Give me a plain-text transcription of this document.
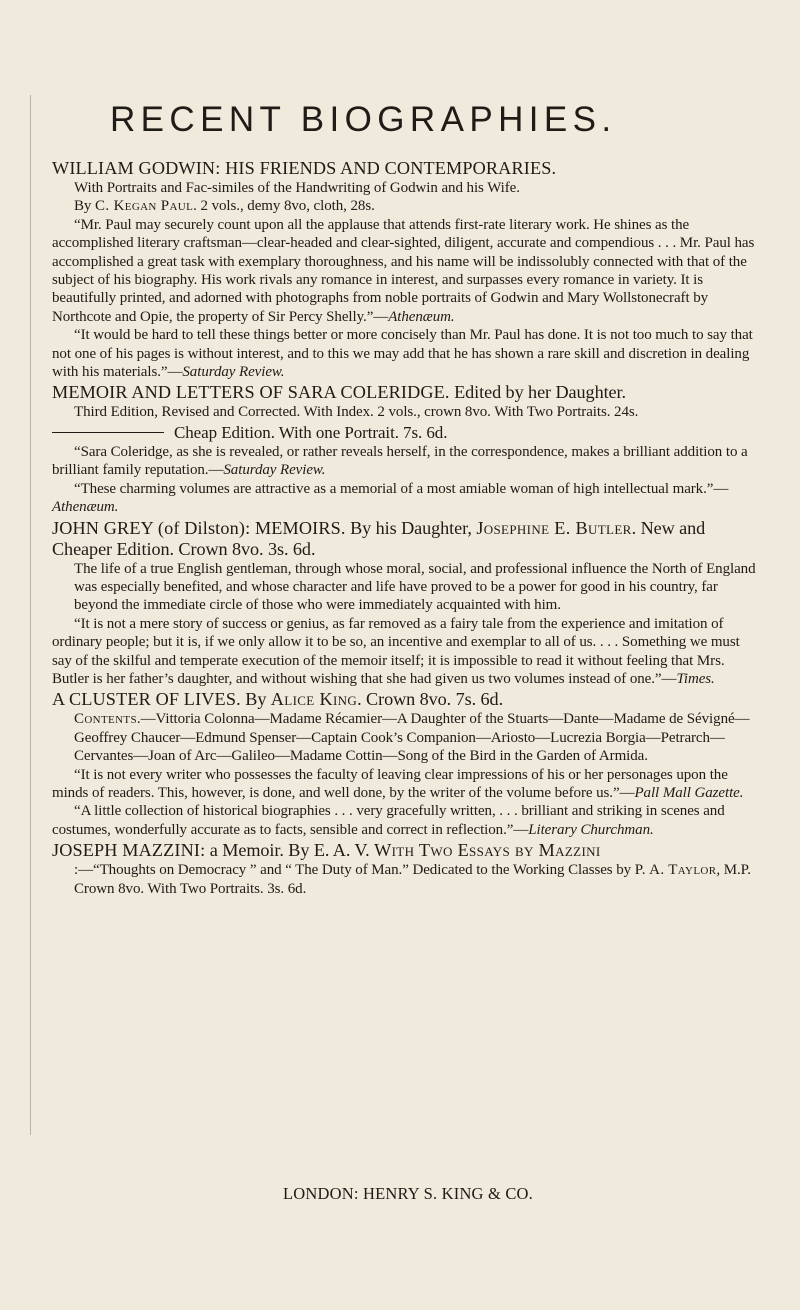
RECENT BIOGRAPHIES.
WILLIAM GODWIN: HIS FRIENDS AND CONTEMPORARIES.

With Portraits and Fac-similes of the Handwriting of Godwin and his Wife.

By C. Kegan Paul. 2 vols., demy 8vo, cloth, 28s.

“Mr. Paul may securely count upon all the applause that attends first-rate literary work. He shines as the accomplished literary craftsman—clear-headed and clear-sighted, diligent, accurate and compendious . . . Mr. Paul has accomplished a great task with exemplary thoroughness, and his name will be indissolubly connected with that of the subject of his biography. His work rivals any romance in interest, and surpasses every romance in variety. It is beautifully printed, and adorned with photographs from noble portraits of Godwin and Mary Wollstonecraft by Northcote and Opie, the property of Sir Percy Shelly.”—Athenæum.

“It would be hard to tell these things better or more concisely than Mr. Paul has done. It is not too much to say that not one of his pages is without interest, and to this we may add that he has shown a rare skill and discretion in dealing with his materials.”—Saturday Review.

MEMOIR AND LETTERS OF SARA COLERIDGE. Edited by her Daughter.

Third Edition, Revised and Corrected. With Index. 2 vols., crown 8vo. With Two Portraits. 24s.

Cheap Edition. With one Portrait. 7s. 6d.

“Sara Coleridge, as she is revealed, or rather reveals herself, in the correspondence, makes a brilliant addition to a brilliant family reputation.—Saturday Review.

“These charming volumes are attractive as a memorial of a most amiable woman of high intellectual mark.”—Athenæum.

JOHN GREY (of Dilston): MEMOIRS. By his Daughter, Josephine E. Butler. New and Cheaper Edition. Crown 8vo. 3s. 6d.

The life of a true English gentleman, through whose moral, social, and professional influence the North of England was especially benefited, and whose character and life have proved to be a power for good in his country, far beyond the immediate circle of those who were immediately acquainted with him.

“It is not a mere story of success or genius, as far removed as a fairy tale from the experience and imitation of ordinary people; but it is, if we only allow it to be so, an incentive and exemplar to all of us. . . . Something we must say of the skilful and temperate execution of the memoir itself; it is impossible to read it without feeling that Mrs. Butler is her father’s daughter, and without wishing that she had given us two volumes instead of one.”—Times.

A CLUSTER OF LIVES. By Alice King. Crown 8vo. 7s. 6d.

Contents.—Vittoria Colonna—Madame Récamier—A Daughter of the Stuarts—Dante—Madame de Sévigné—Geoffrey Chaucer—Edmund Spenser—Captain Cook’s Companion—Ariosto—Lucrezia Borgia—Petrarch—Cervantes—Joan of Arc—Galileo—Madame Cottin—Song of the Bird in the Garden of Armida.

“It is not every writer who possesses the faculty of leaving clear impressions of his or her personages upon the minds of readers. This, however, is done, and well done, by the writer of the volume before us.”—Pall Mall Gazette.

“A little collection of historical biographies . . . very gracefully written, . . . brilliant and striking in scenes and costumes, wonderfully accurate as to facts, sensible and correct in reflection.”—Literary Churchman.

JOSEPH MAZZINI: a Memoir. By E. A. V. With Two Essays by Mazzini

:—“Thoughts on Democracy ” and “ The Duty of Man.” Dedicated to the Working Classes by P. A. Taylor, M.P. Crown 8vo. With Two Portraits. 3s. 6d.

LONDON: HENRY S. KING & CO.
